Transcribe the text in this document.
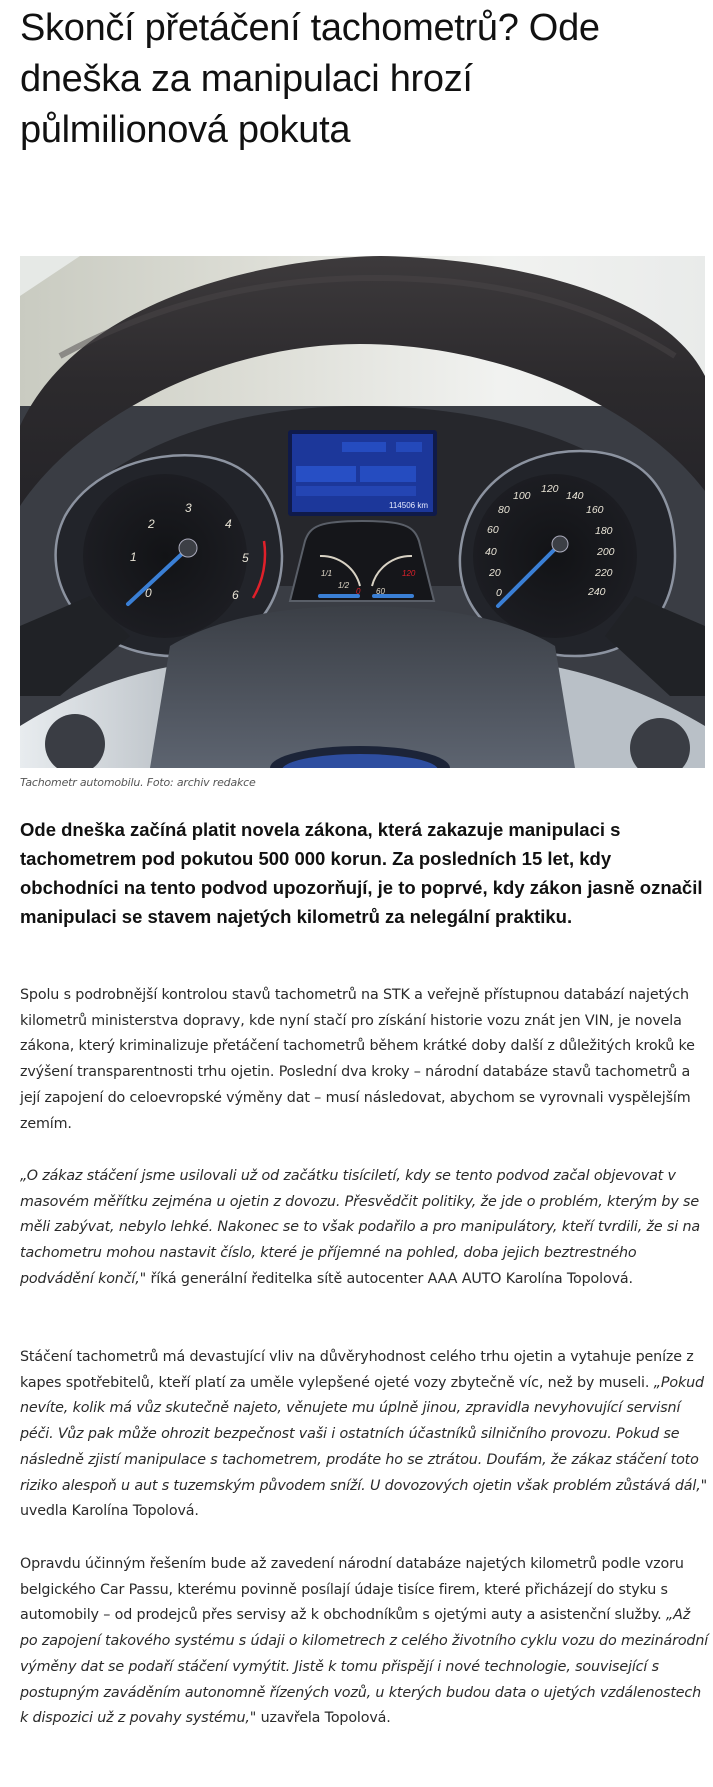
Skončí přetáčení tachometrů? Ode dneška za manipulaci hrozí půlmilionová pokuta
114506 km
0
1
2
3
4
5
6	0
20
40
60
80
100
120
140
160
180
200
220
240
1/1
1/2
0 60
120
Tachometr automobilu. Foto: archiv redakce

Ode dneška začíná platit novela zákona, která zakazuje manipulaci s tachometrem pod pokutou 500 000 korun. Za posledních 15 let, kdy obchodníci na tento podvod upozorňují, je to poprvé, kdy zákon jasně označil manipulaci se stavem najetých kilometrů za nelegální praktiku.

Spolu s podrobnější kontrolou stavů tachometrů na STK a veřejně přístupnou databází najetých kilometrů ministerstva dopravy, kde nyní stačí pro získání historie vozu znát jen VIN, je novela zákona, který kriminalizuje přetáčení tachometrů během krátké doby další z důležitých kroků ke zvýšení transparentnosti trhu ojetin. Poslední dva kroky – národní databáze stavů tachometrů a její zapojení do celoevropské výměny dat – musí následovat, abychom se vyrovnali vyspělejším zemím.

„O zákaz stáčení jsme usilovali už od začátku tisíciletí, kdy se tento podvod začal objevovat v masovém měřítku zejména u ojetin z dovozu. Přesvědčit politiky, že jde o problém, kterým by se měli zabývat, nebylo lehké. Nakonec se to však podařilo a pro manipulátory, kteří tvrdili, že si na tachometru mohou nastavit číslo, které je příjemné na pohled, doba jejich beztrestného podvádění končí," říká generální ředitelka sítě autocenter AAA AUTO Karolína Topolová.

Stáčení tachometrů má devastující vliv na důvěryhodnost celého trhu ojetin a vytahuje peníze z kapes spotřebitelů, kteří platí za uměle vylepšené ojeté vozy zbytečně víc, než by museli. „Pokud nevíte, kolik má vůz skutečně najeto, věnujete mu úplně jinou, zpravidla nevyhovující servisní péči. Vůz pak může ohrozit bezpečnost vaši i ostatních účastníků silničního provozu. Pokud se následně zjistí manipulace s tachometrem, prodáte ho se ztrátou. Doufám, že zákaz stáčení toto riziko alespoň u aut s tuzemským původem sníží. U dovozových ojetin však problém zůstává dál," uvedla Karolína Topolová.

Opravdu účinným řešením bude až zavedení národní databáze najetých kilometrů podle vzoru belgického Car Passu, kterému povinně posílají údaje tisíce firem, které přicházejí do styku s automobily – od prodejců přes servisy až k obchodníkům s ojetými auty a asistenční služby. „Až po zapojení takového systému s údaji o kilometrech z celého životního cyklu vozu do mezinárodní výměny dat se podaří stáčení vymýtit. Jistě k tomu přispějí i nové technologie, související s postupným zaváděním autonomně řízených vozů, u kterých budou data o ujetých vzdálenostech k dispozici už z povahy systému," uzavřela Topolová.
